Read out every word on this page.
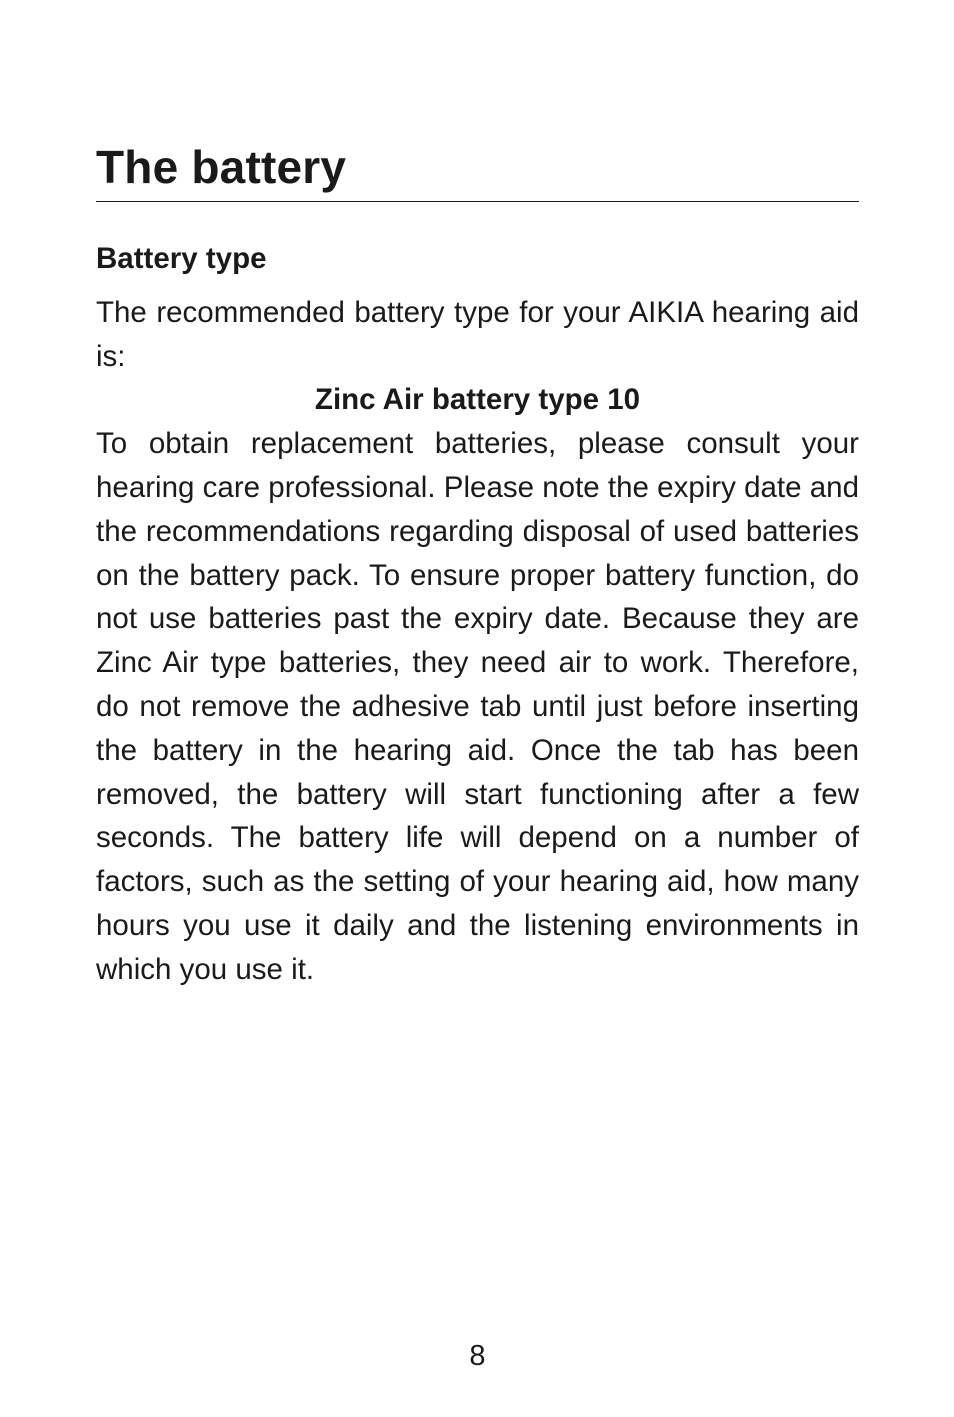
The battery
Battery type

The recommended battery type for your AIKIA hearing aid is:

Zinc Air battery type 10

To obtain replacement batteries, please consult your hearing care professional. Please note the expiry date and the recommendations regarding disposal of used batteries on the battery pack. To ensure proper battery function, do not use batteries past the expiry date. Because they are Zinc Air type batteries, they need air to work. Therefore, do not remove the adhesive tab until just before inserting the battery in the hearing aid. Once the tab has been removed, the battery will start functioning after a few seconds. The battery life will depend on a number of factors, such as the setting of your hearing aid, how many hours you use it daily and the listening environments in which you use it.

8
